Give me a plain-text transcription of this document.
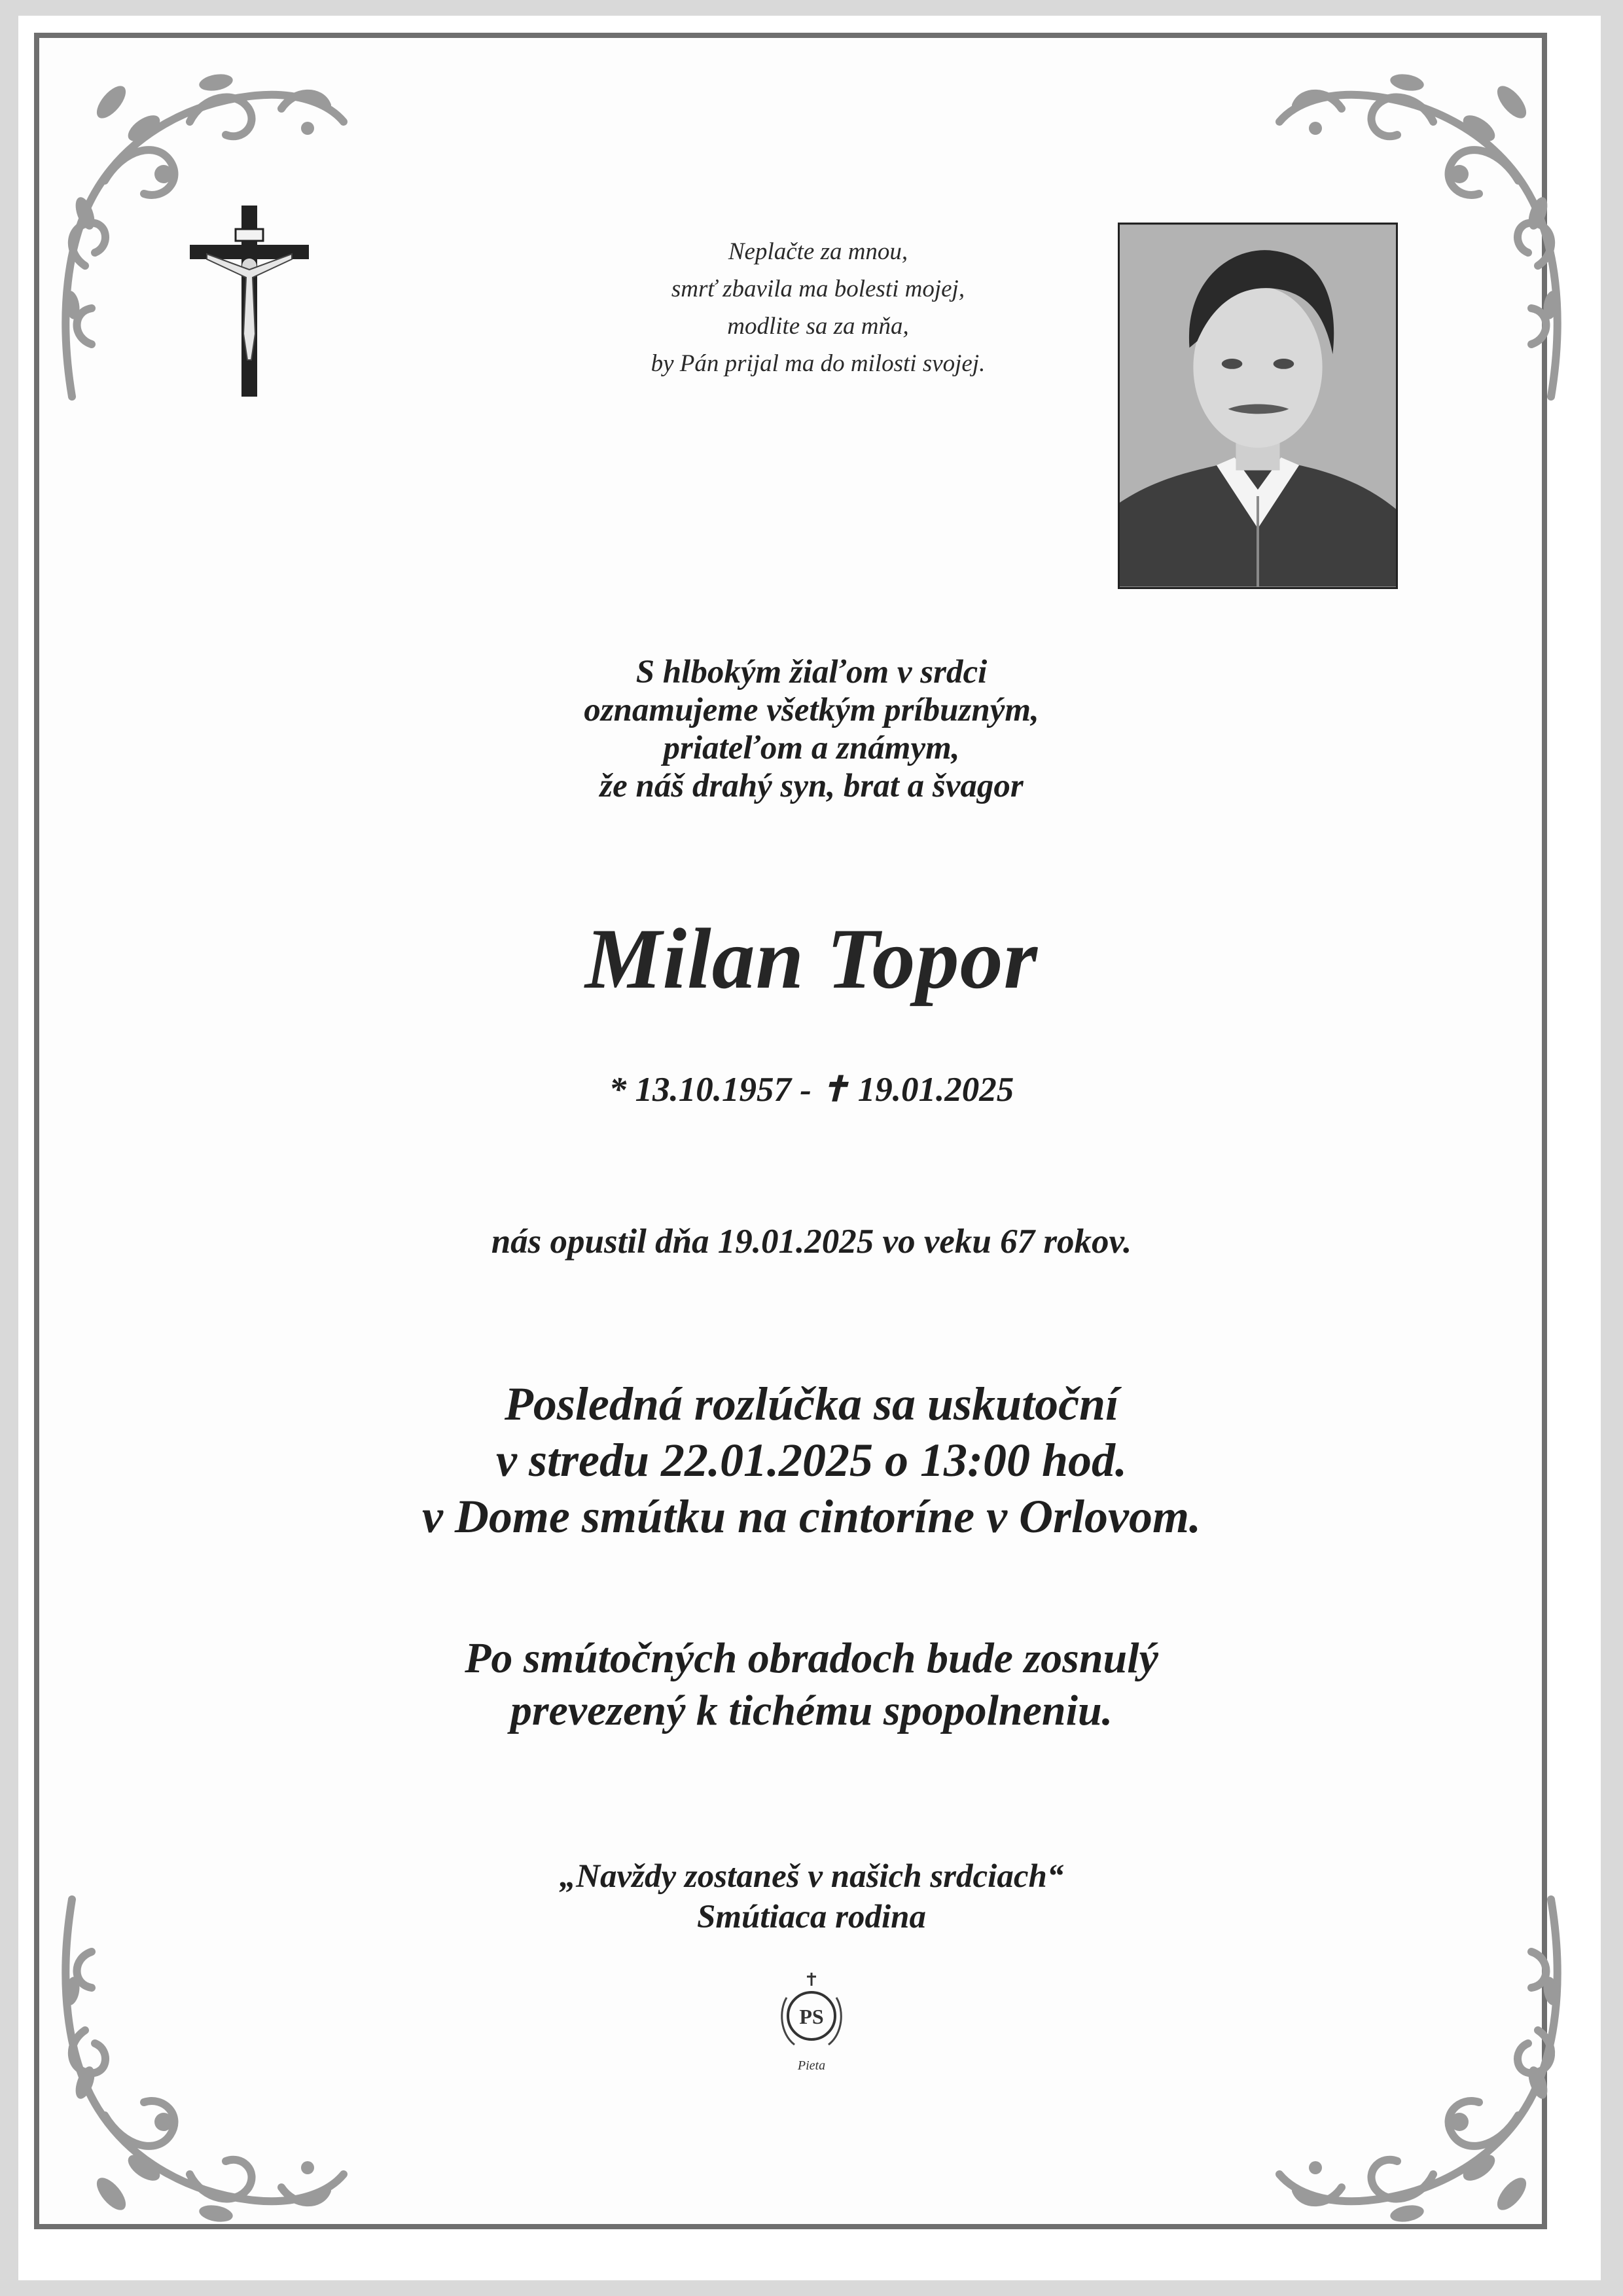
Neplačte za mnou,
smrť zbavila ma bolesti mojej,
modlite sa za mňa,
by Pán prijal ma do milosti svojej.
S hlbokým žiaľom v srdci
oznamujeme všetkým príbuzným,
priateľom a známym,
že náš drahý syn, brat a švagor
Milan Topor
* 13.10.1957 - ✝ 19.01.2025
nás opustil dňa 19.01.2025 vo veku 67 rokov.
Posledná rozlúčka sa uskutoční
v stredu 22.01.2025 o 13:00 hod.
v Dome smútku na cintoríne v Orlovom.
Po smútočných obradoch bude zosnulý
prevezený k tichému spopolneniu.
„Navždy zostaneš v našich srdciach“
Smútiaca rodina
PS
Pieta
